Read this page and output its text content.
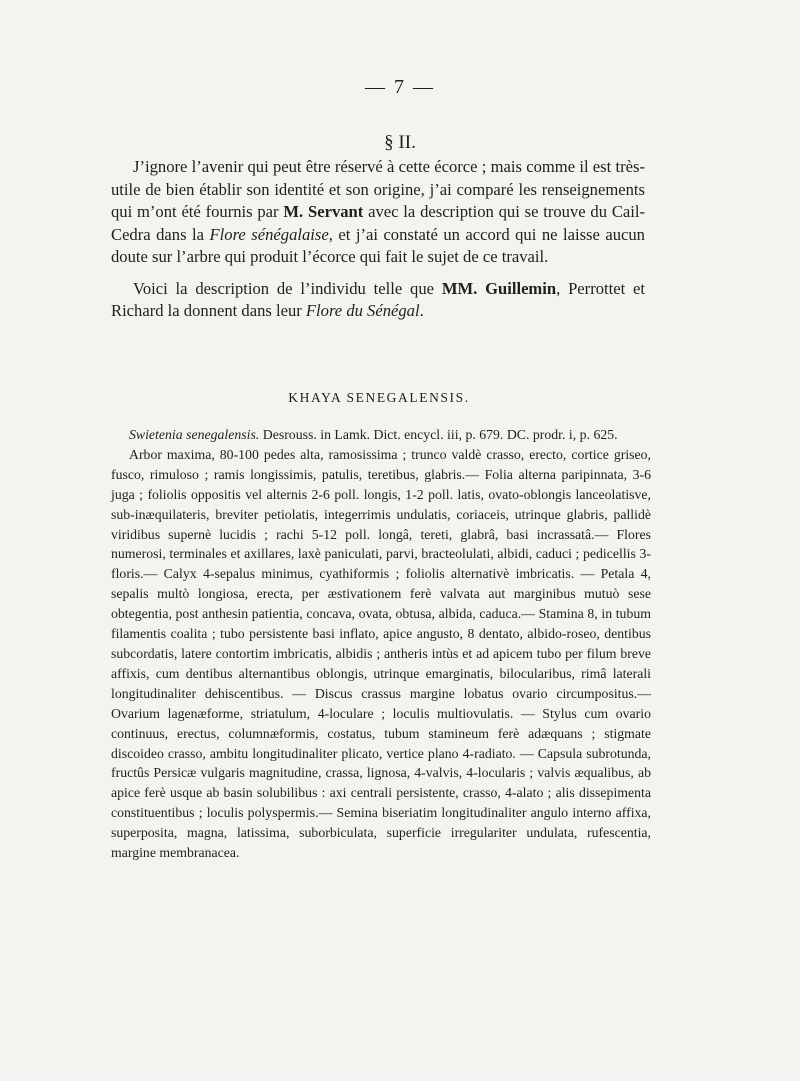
— 7 —
§ II.

J’ignore l’avenir qui peut être réservé à cette écorce ; mais comme il est très-utile de bien établir son identité et son origine, j’ai comparé les renseignements qui m’ont été fournis par M. Servant avec la description qui se trouve du Cail-Cedra dans la Flore sénégalaise, et j’ai constaté un accord qui ne laisse aucun doute sur l’arbre qui produit l’écorce qui fait le sujet de ce travail.

Voici la description de l’individu telle que MM. Guillemin, Perrottet et Richard la donnent dans leur Flore du Sénégal.

KHAYA SENEGALENSIS.

Swietenia senegalensis. Desrouss. in Lamk. Dict. encycl. iii, p. 679. DC. prodr. i, p. 625.

Arbor maxima, 80-100 pedes alta, ramosissima ; trunco valdè crasso, erecto, cortice griseo, fusco, rimuloso ; ramis longissimis, patulis, teretibus, glabris.— Folia alterna paripinnata, 3-6 juga ; foliolis oppositis vel alternis 2-6 poll. longis, 1-2 poll. latis, ovato-oblongis lanceolatisve, sub-inæquilateris, breviter petiolatis, integerrimis undulatis, coriaceis, utrinque glabris, pallidè viridibus supernè lucidis ; rachi 5-12 poll. longâ, tereti, glabrâ, basi incrassatâ.— Flores numerosi, terminales et axillares, laxè paniculati, parvi, bracteolulati, albidi, caduci ; pedicellis 3-floris.— Calyx 4-sepalus minimus, cyathiformis ; foliolis alternativè imbricatis. — Petala 4, sepalis multò longiosa, erecta, per æstivationem ferè valvata aut marginibus mutuò sese obtegentia, post anthesin patientia, concava, ovata, obtusa, albida, caduca.— Stamina 8, in tubum filamentis coalita ; tubo persistente basi inflato, apice angusto, 8 dentato, albido-roseo, dentibus subcordatis, latere contortim imbricatis, albidis ; antheris intùs et ad apicem tubo per filum breve affixis, cum dentibus alternantibus oblongis, utrinque emarginatis, bilocularibus, rimâ laterali longitudinaliter dehiscentibus. — Discus crassus margine lobatus ovario circumpositus.— Ovarium lagenæforme, striatulum, 4-loculare ; loculis multiovulatis. — Stylus cum ovario continuus, erectus, columnæformis, costatus, tubum stamineum ferè adæquans ; stigmate discoideo crasso, ambitu longitudinaliter plicato, vertice plano 4-radiato. — Capsula subrotunda, fructûs Persicæ vulgaris magnitudine, crassa, lignosa, 4-valvis, 4-locularis ; valvis æqualibus, ab apice ferè usque ab basin solubilibus : axi centrali persistente, crasso, 4-alato ; alis dissepimenta constituentibus ; loculis polyspermis.— Semina biseriatim longitudinaliter angulo interno affixa, superposita, magna, latissima, suborbiculata, superficie irregulariter undulata, rufescentia, margine membranacea.
